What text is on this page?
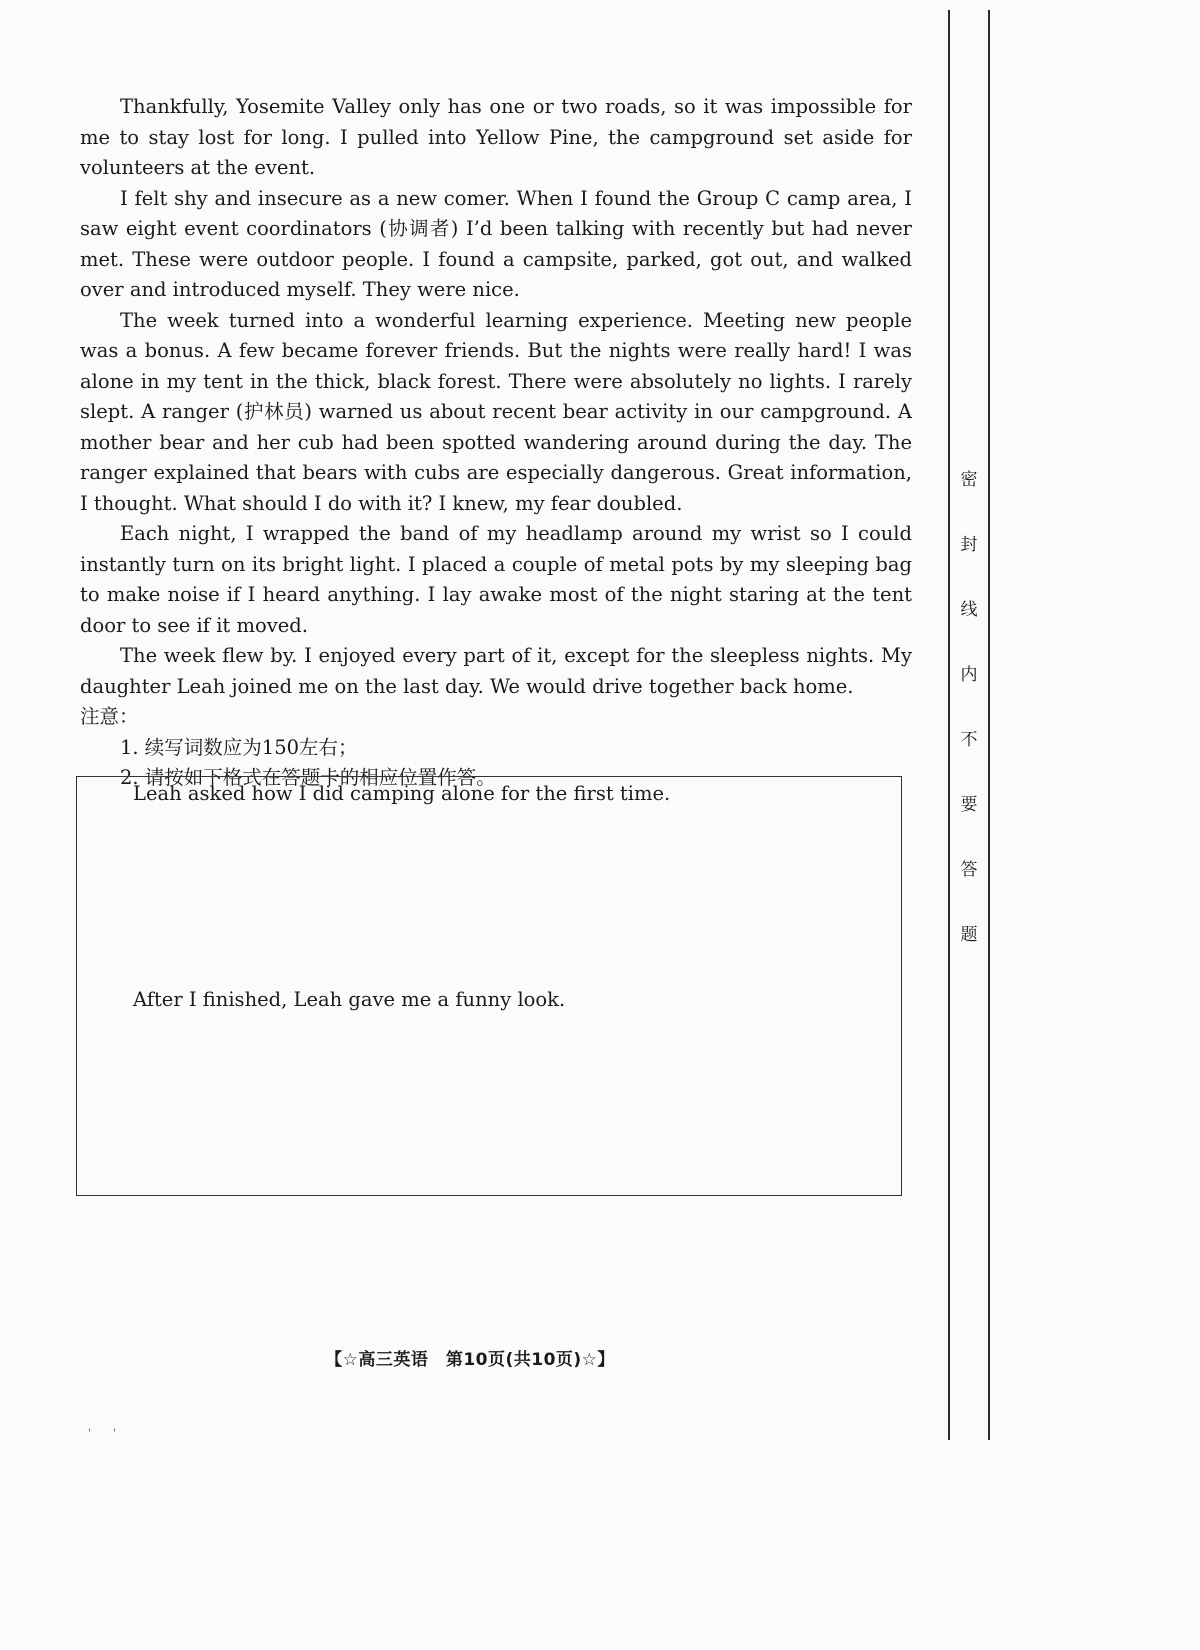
Thankfully, Yosemite Valley only has one or two roads, so it was impossible for me to stay lost for long. I pulled into Yellow Pine, the campground set aside for volunteers at the event.

I felt shy and insecure as a new comer. When I found the Group C camp area, I saw eight event coordinators (协调者) I’d been talking with recently but had never met. These were outdoor people. I found a campsite, parked, got out, and walked over and introduced myself. They were nice.

The week turned into a wonderful learning experience. Meeting new people was a bonus. A few became forever friends. But the nights were really hard! I was alone in my tent in the thick, black forest. There were absolutely no lights. I rarely slept. A ranger (护林员) warned us about recent bear activity in our campground. A mother bear and her cub had been spotted wandering around during the day. The ranger explained that bears with cubs are especially dangerous. Great information, I thought. What should I do with it? I knew, my fear doubled.

Each night, I wrapped the band of my headlamp around my wrist so I could instantly turn on its bright light. I placed a couple of metal pots by my sleeping bag to make noise if I heard anything. I lay awake most of the night staring at the tent door to see if it moved.

The week flew by. I enjoyed every part of it, except for the sleepless nights. My daughter Leah joined me on the last day. We would drive together back home.

注意：
1. 续写词数应为150左右；
2. 请按如下格式在答题卡的相应位置作答。
Leah asked how I did camping alone for the first time.
After I finished, Leah gave me a funny look.
【☆高三英语　第10页(共10页)☆】
密
封
线
内
不
要
答
题
'       '
